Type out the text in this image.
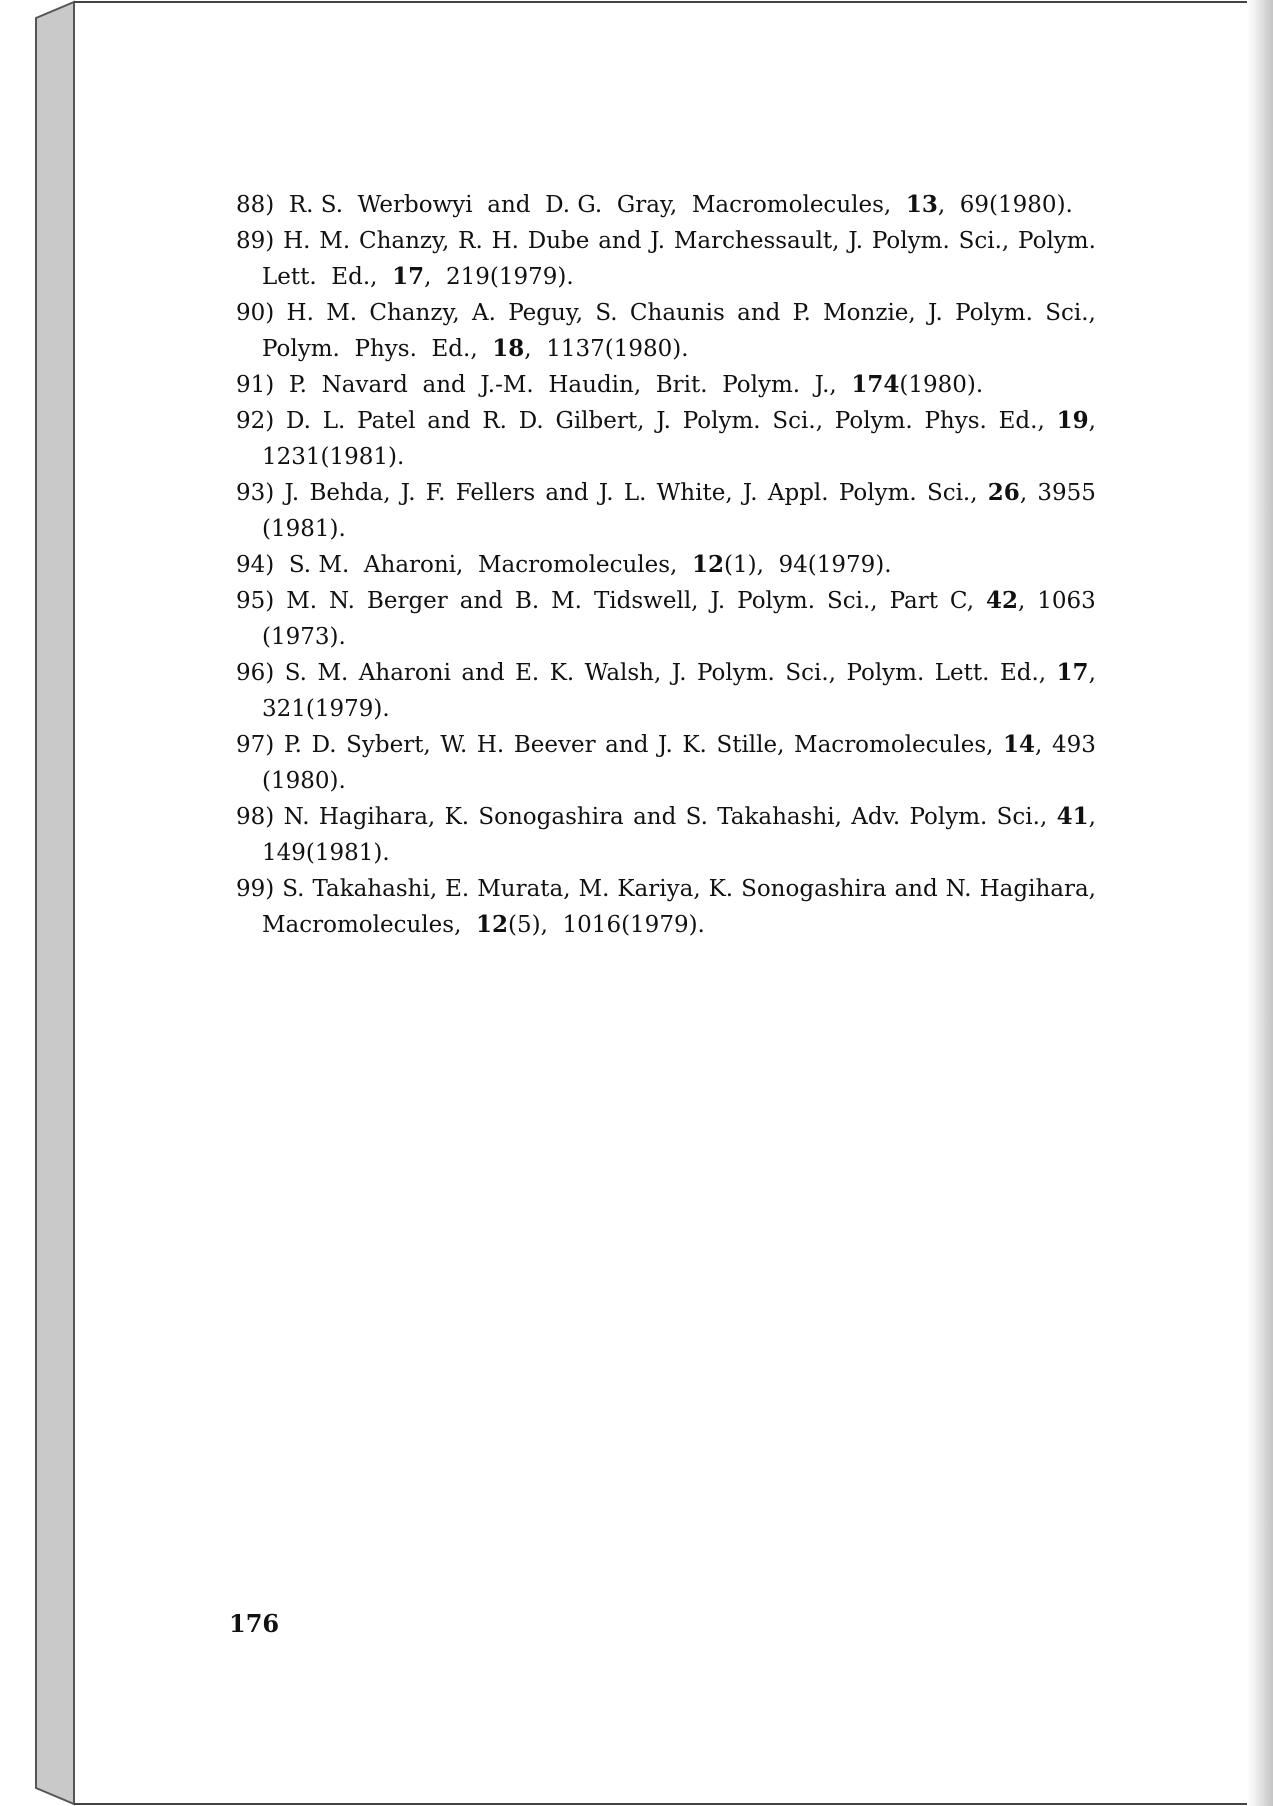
88)  R. S.  Werbowyi  and  D. G.  Gray,  Macromolecules,  13,  69(1980).
89) H. M. Chanzy, R. H. Dube and J. Marchessault, J. Polym. Sci., Polym.
Lett.  Ed.,  17,  219(1979).
90) H. M. Chanzy, A. Peguy, S. Chaunis and P. Monzie, J. Polym. Sci.,
Polym.  Phys.  Ed.,  18,  1137(1980).
91)  P.  Navard  and  J.-M.  Haudin,  Brit.  Polym.  J.,  174(1980).
92) D. L. Patel and R. D. Gilbert, J. Polym. Sci., Polym. Phys. Ed., 19,
1231(1981).
93) J. Behda, J. F. Fellers and J. L. White, J. Appl. Polym. Sci., 26, 3955
(1981).
94)  S. M.  Aharoni,  Macromolecules,  12(1),  94(1979).
95) M. N. Berger and B. M. Tidswell, J. Polym. Sci., Part C, 42, 1063
(1973).
96) S. M. Aharoni and E. K. Walsh, J. Polym. Sci., Polym. Lett. Ed., 17,
321(1979).
97) P. D. Sybert, W. H. Beever and J. K. Stille, Macromolecules, 14, 493
(1980).
98) N. Hagihara, K. Sonogashira and S. Takahashi, Adv. Polym. Sci., 41,
149(1981).
99) S. Takahashi, E. Murata, M. Kariya, K. Sonogashira and N. Hagihara,
Macromolecules,  12(5),  1016(1979).
176
